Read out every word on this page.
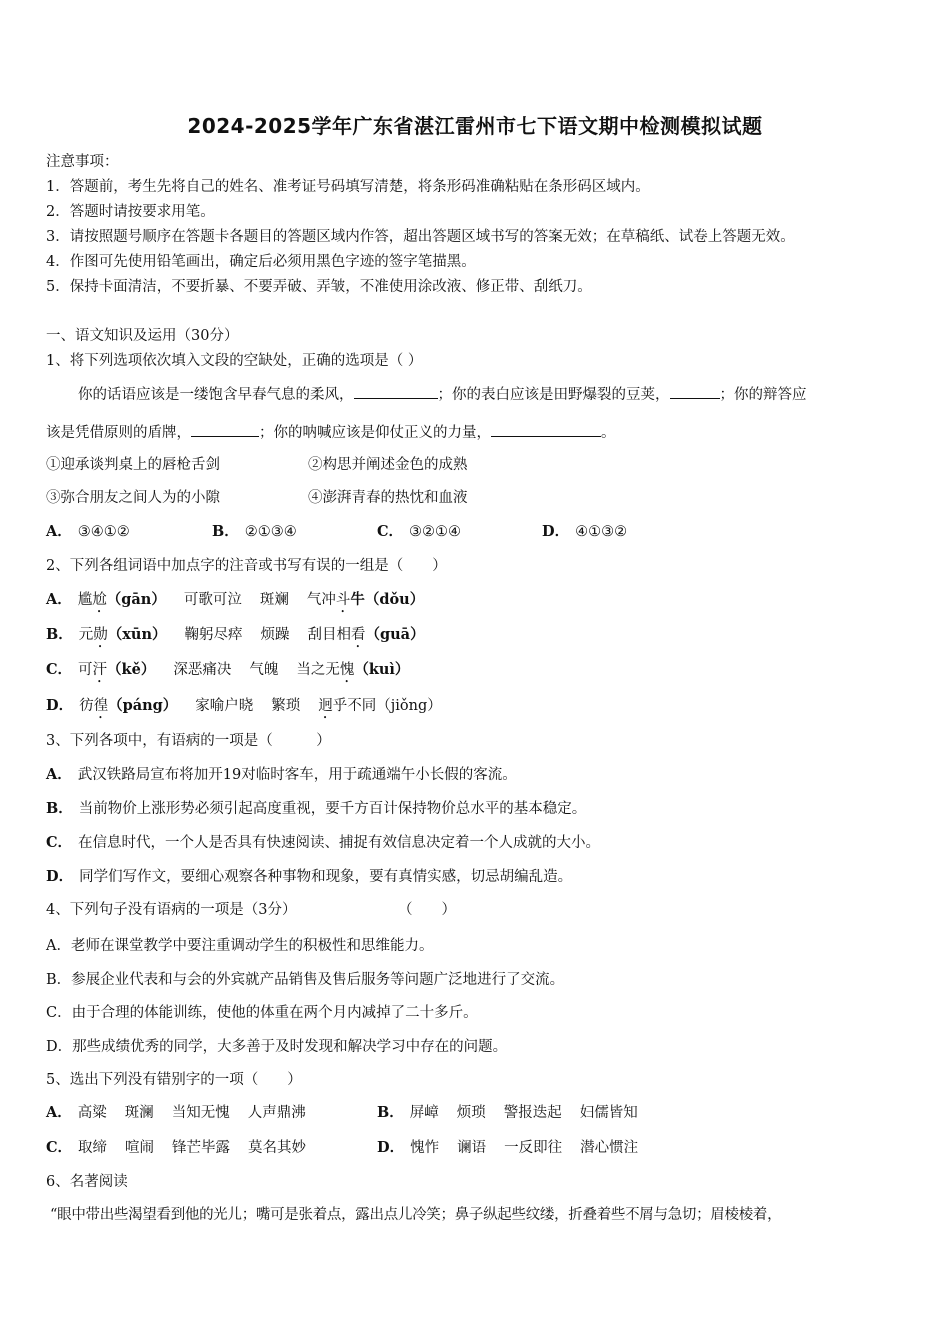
2024-2025学年广东省湛江雷州市七下语文期中检测模拟试题
注意事项：
1．答题前，考生先将自己的姓名、准考证号码填写清楚，将条形码准确粘贴在条形码区域内。
2．答题时请按要求用笔。
3．请按照题号顺序在答题卡各题目的答题区域内作答，超出答题区域书写的答案无效；在草稿纸、试卷上答题无效。
4．作图可先使用铅笔画出，确定后必须用黑色字迹的签字笔描黑。
5．保持卡面清洁，不要折暴、不要弄破、弄皱，不准使用涂改液、修正带、刮纸刀。
一、语文知识及运用（30分）
1、将下列选项依次填入文段的空缺处，正确的选项是（ ）
你的话语应该是一缕饱含早春气息的柔风，	；你的表白应该是田野爆裂的豆荚，	；你的辩答应
该是凭借原则的盾牌，	；你的呐喊应该是仰仗正义的力量，	。
①迎承谈判桌上的唇枪舌剑	②构思并阐述金色的成熟
③弥合朋友之间人为的小隙	④澎湃青春的热忱和血液
A． ③④①②	B． ②①③④	C． ③②①④	D． ④①③②
2、下列各组词语中加点字的注音或书写有误的一组是（　　）
A． 尴尬（gān） 可歌可泣 斑斓 气冲斗牛（dǒu）
B． 元勋（xūn） 鞠躬尽瘁 烦躁 刮目相看（guā）
C． 可汗（kě） 深恶痛决 气魄 当之无愧（kuì）
D． 彷徨（páng） 家喻户晓 繁琐 迥乎不同（jiǒng）
3、下列各项中，有语病的一项是（　　　）
A． 武汉铁路局宣布将加开19对临时客车，用于疏通端午小长假的客流。
B． 当前物价上涨形势必须引起高度重视，要千方百计保持物价总水平的基本稳定。
C． 在信息时代，一个人是否具有快速阅读、捕捉有效信息决定着一个人成就的大小。
D． 同学们写作文，要细心观察各种事物和现象，要有真情实感，切忌胡编乱造。
4、下列句子没有语病的一项是（3分）	（　　）
A．老师在课堂教学中要注重调动学生的积极性和思维能力。
B．参展企业代表和与会的外宾就产品销售及售后服务等问题广泛地进行了交流。
C．由于合理的体能训练，使他的体重在两个月内减掉了二十多斤。
D．那些成绩优秀的同学，大多善于及时发现和解决学习中存在的问题。
5、选出下列没有错别字的一项（　　）
A． 高粱 斑澜 当知无愧 人声鼎沸	B． 屏嶂 烦琐 警报迭起 妇儒皆知
C． 取缔 喧闹 锋芒毕露 莫名其妙	D． 愧怍 谰语 一反即往 潜心惯注
6、名著阅读
“眼中带出些渴望看到他的光儿；嘴可是张着点，露出点儿冷笑；鼻子纵起些纹缕，折叠着些不屑与急切；眉棱棱着，
